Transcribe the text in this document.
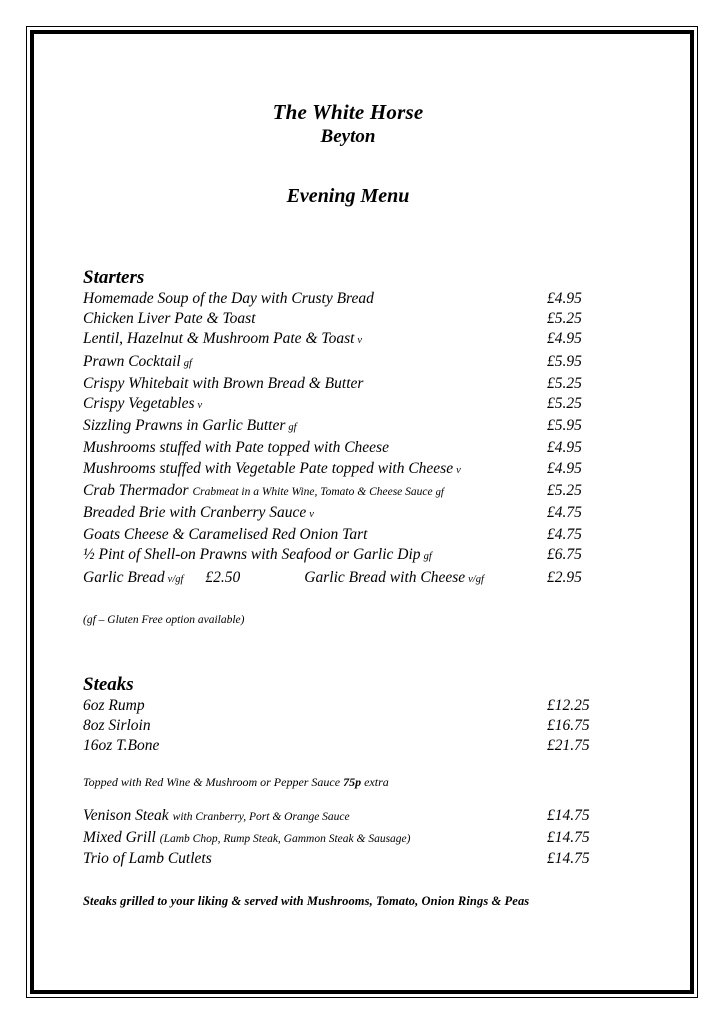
The White Horse
Beyton
Evening Menu
Starters
Homemade Soup of the Day with Crusty Bread	£4.95
Chicken Liver Pate & Toast	£5.25
Lentil, Hazelnut & Mushroom Pate & Toast v	£4.95
Prawn Cocktail gf	£5.95
Crispy Whitebait with Brown Bread & Butter	£5.25
Crispy Vegetables v	£5.25
Sizzling Prawns in Garlic Butter gf	£5.95
Mushrooms stuffed with Pate topped with Cheese	£4.95
Mushrooms stuffed with Vegetable Pate topped with Cheese v	£4.95
Crab Thermador Crabmeat in a White Wine, Tomato & Cheese Sauce gf	£5.25
Breaded Brie with Cranberry Sauce v	£4.75
Goats Cheese & Caramelised Red Onion Tart	£4.75
½ Pint of Shell-on Prawns with Seafood or Garlic Dip gf	£6.75
Garlic Bread v/gf £2.50	Garlic Bread with Cheese v/gf	£2.95
(gf – Gluten Free option available)
Steaks
6oz Rump	£12.25
8oz Sirloin	£16.75
16oz T.Bone	£21.75
Topped with Red Wine & Mushroom or Pepper Sauce 75p extra
Venison Steak with Cranberry, Port & Orange Sauce	£14.75
Mixed Grill (Lamb Chop, Rump Steak, Gammon Steak & Sausage)	£14.75
Trio of Lamb Cutlets	£14.75
Steaks grilled to your liking & served with Mushrooms, Tomato, Onion Rings & Peas
